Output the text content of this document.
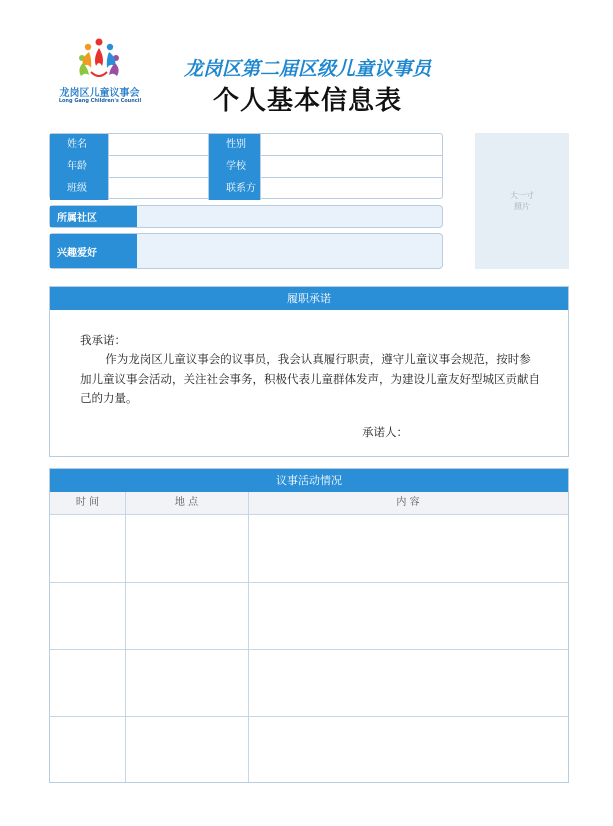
龙岗区儿童议事会
Long Gang Children's Council
龙岗区第二届区级儿童议事员
个人基本信息表
姓名	性别
年龄	学校
班级	联系方
所属社区
兴趣爱好
大一寸
照片
履职承诺
我承诺：
作为龙岗区儿童议事会的议事员，我会认真履行职责，遵守儿童议事会规范，按时参加儿童议事会活动，关注社会事务，积极代表儿童群体发声，为建设儿童友好型城区贡献自己的力量。
承诺人：
议事活动情况
时 间	地 点	内 容
